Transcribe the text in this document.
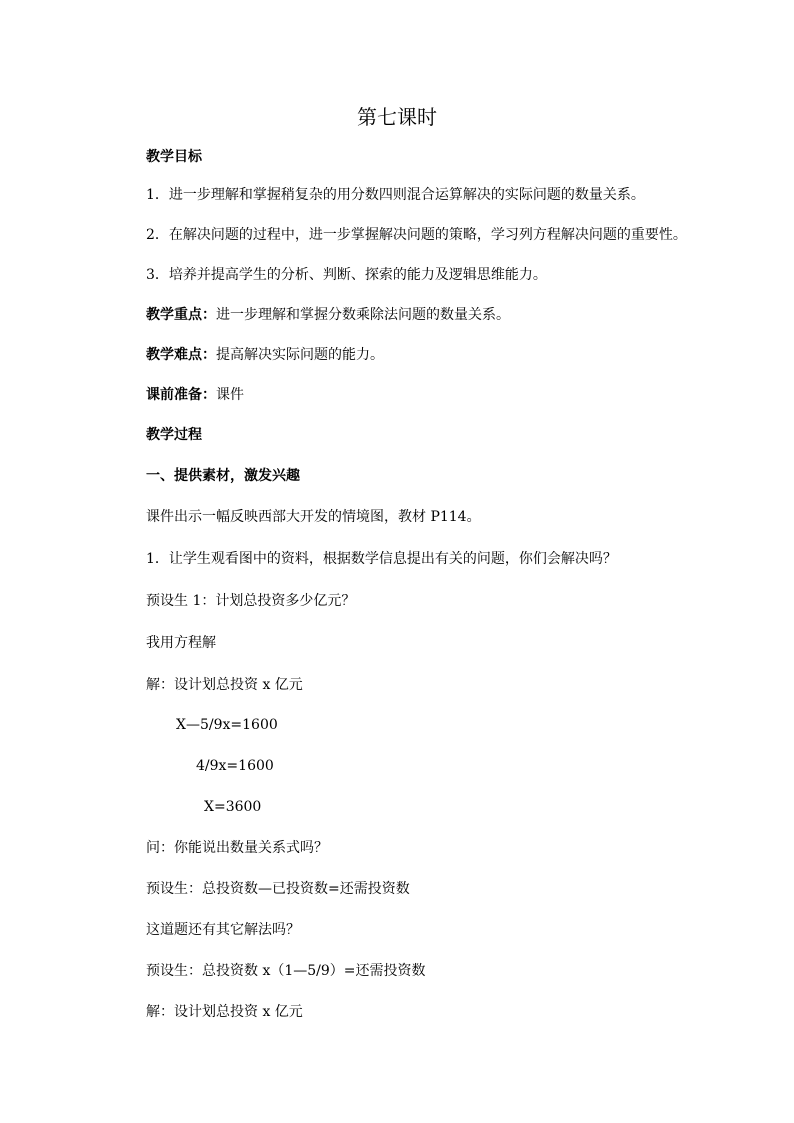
第七课时
教学目标
1．进一步理解和掌握稍复杂的用分数四则混合运算解决的实际问题的数量关系。
2．在解决问题的过程中，进一步掌握解决问题的策略，学习列方程解决问题的重要性。
3．培养并提高学生的分析、判断、探索的能力及逻辑思维能力。
教学重点：进一步理解和掌握分数乘除法问题的数量关系。
教学难点：提高解决实际问题的能力。
课前准备：课件
教学过程
一、提供素材，激发兴趣
课件出示一幅反映西部大开发的情境图，教材 P114。
1．让学生观看图中的资料，根据数学信息提出有关的问题，你们会解决吗？
预设生 1：计划总投资多少亿元？
我用方程解
解：设计划总投资 x 亿元
X—5/9x=1600
4/9x=1600
X=3600
问：你能说出数量关系式吗？
预设生：总投资数—已投资数=还需投资数
这道题还有其它解法吗？
预设生：总投资数 x（1—5/9）=还需投资数
解：设计划总投资 x 亿元
